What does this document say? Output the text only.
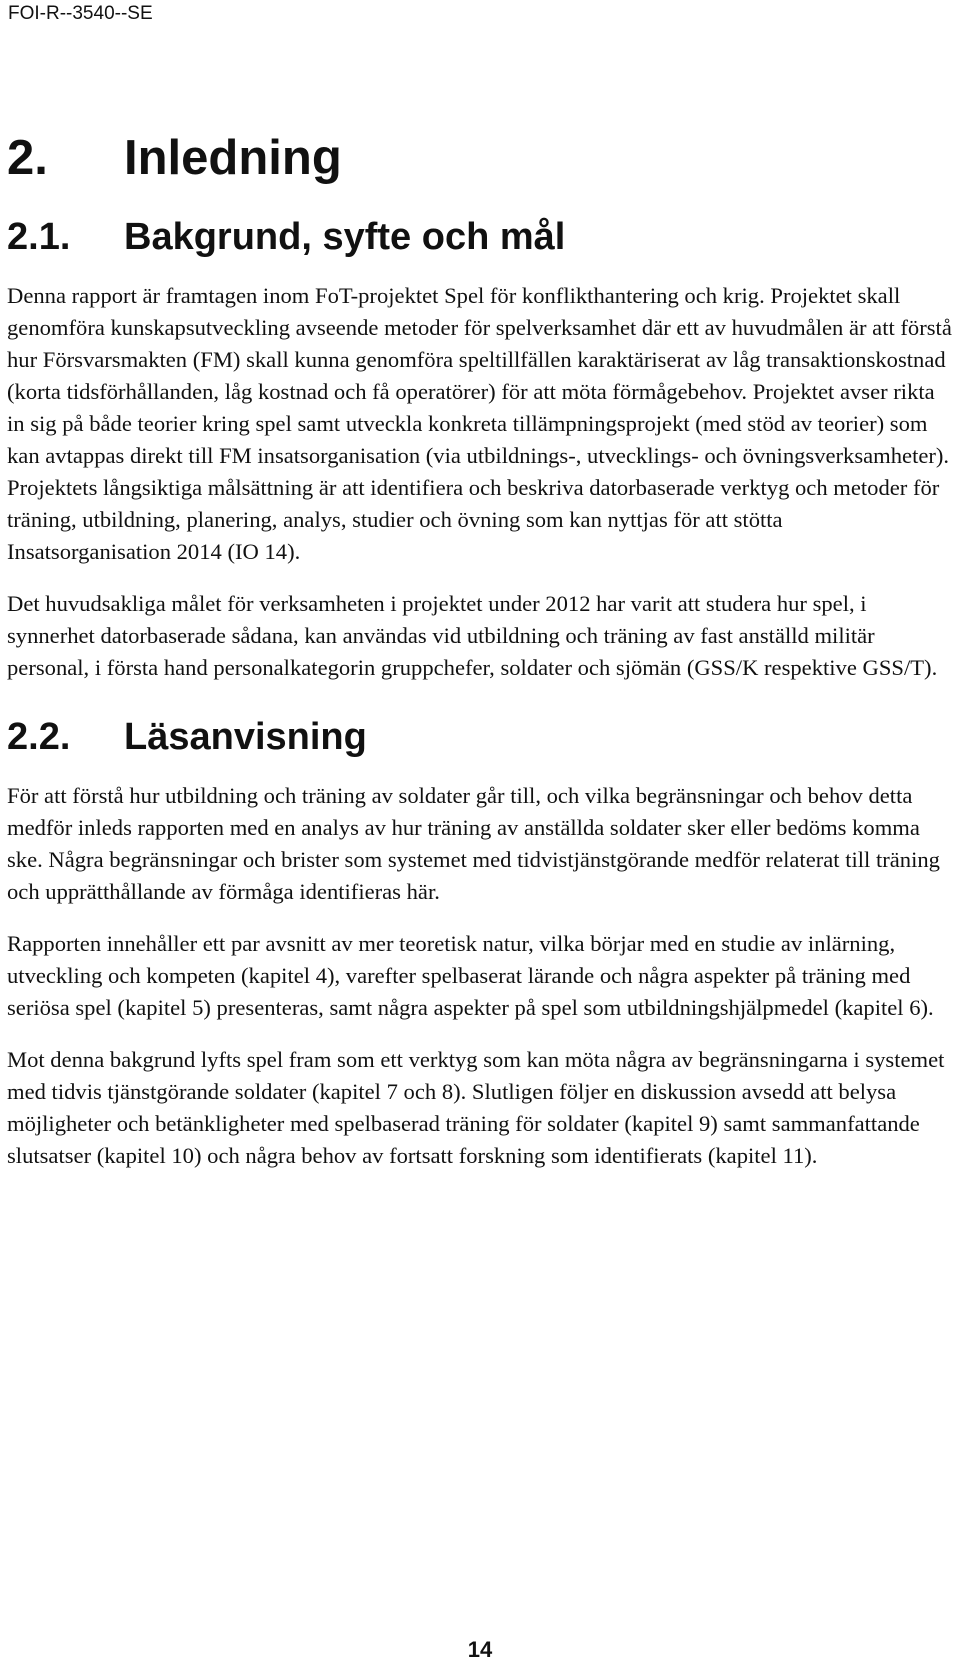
FOI-R--3540--SE
2.	Inledning
2.1.	Bakgrund, syfte och mål

Denna rapport är framtagen inom FoT-projektet Spel för konflikthantering och krig. Projektet skall genomföra kunskapsutveckling avseende metoder för spelverksamhet där ett av huvudmålen är att förstå hur Försvarsmakten (FM) skall kunna genomföra speltillfällen karaktäriserat av låg transaktionskostnad (korta tidsförhållanden, låg kostnad och få operatörer) för att möta förmågebehov. Projektet avser rikta in sig på både teorier kring spel samt utveckla konkreta tillämpningsprojekt (med stöd av teorier) som kan avtappas direkt till FM insatsorganisation (via utbildnings-, utvecklings- och övningsverksamheter). Projektets långsiktiga målsättning är att identifiera och beskriva datorbaserade verktyg och metoder för träning, utbildning, planering, analys, studier och övning som kan nyttjas för att stötta Insatsorganisation 2014 (IO 14).

Det huvudsakliga målet för verksamheten i projektet under 2012 har varit att studera hur spel, i synnerhet datorbaserade sådana, kan användas vid utbildning och träning av fast anställd militär personal, i första hand personalkategorin gruppchefer, soldater och sjömän (GSS/K respektive GSS/T).

2.2.	Läsanvisning

För att förstå hur utbildning och träning av soldater går till, och vilka begränsningar och behov detta medför inleds rapporten med en analys av hur träning av anställda soldater sker eller bedöms komma ske. Några begränsningar och brister som systemet med tidvistjänstgörande medför relaterat till träning och upprätthållande av förmåga identifieras här.

Rapporten innehåller ett par avsnitt av mer teoretisk natur, vilka börjar med en studie av inlärning, utveckling och kompeten (kapitel 4), varefter spelbaserat lärande och några aspekter på träning med seriösa spel (kapitel 5) presenteras, samt några aspekter på spel som utbildningshjälpmedel (kapitel 6).

Mot denna bakgrund lyfts spel fram som ett verktyg som kan möta några av begränsningarna i systemet med tidvis tjänstgörande soldater (kapitel 7 och 8). Slutligen följer en diskussion avsedd att belysa möjligheter och betänkligheter med spelbaserad träning för soldater (kapitel 9) samt sammanfattande slutsatser (kapitel 10) och några behov av fortsatt forskning som identifierats (kapitel 11).

14
